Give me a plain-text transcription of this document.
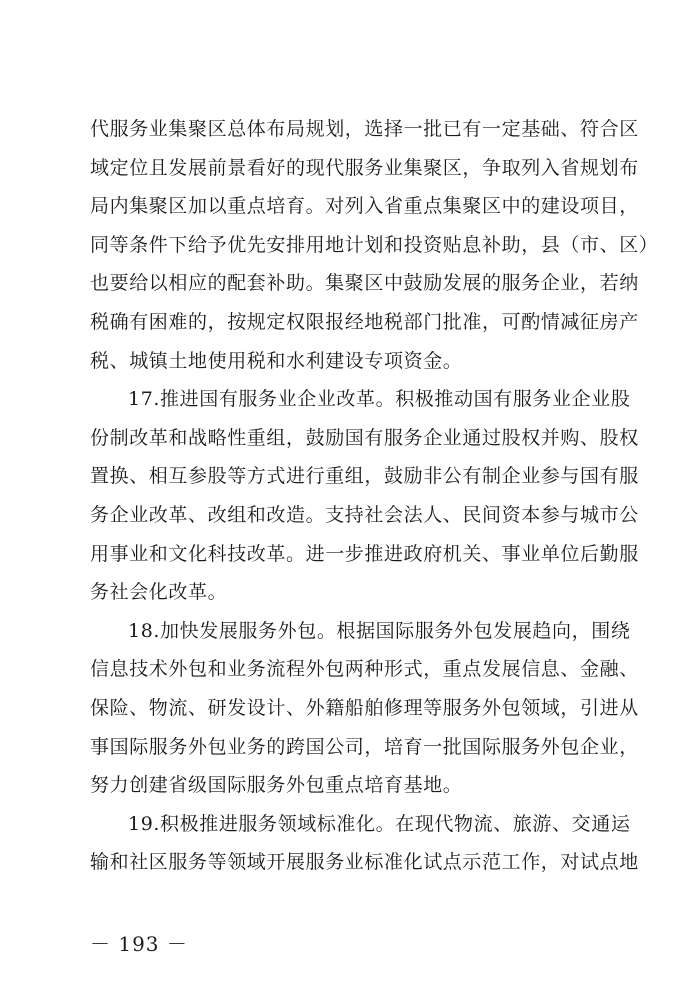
代服务业集聚区总体布局规划，选择一批已有一定基础、符合区
域定位且发展前景看好的现代服务业集聚区，争取列入省规划布
局内集聚区加以重点培育。对列入省重点集聚区中的建设项目，
同等条件下给予优先安排用地计划和投资贴息补助，县（市、区）
也要给以相应的配套补助。集聚区中鼓励发展的服务企业，若纳
税确有困难的，按规定权限报经地税部门批准，可酌情减征房产
税、城镇土地使用税和水利建设专项资金。
17.推进国有服务业企业改革。积极推动国有服务业企业股
份制改革和战略性重组，鼓励国有服务企业通过股权并购、股权
置换、相互参股等方式进行重组，鼓励非公有制企业参与国有服
务企业改革、改组和改造。支持社会法人、民间资本参与城市公
用事业和文化科技改革。进一步推进政府机关、事业单位后勤服
务社会化改革。
18.加快发展服务外包。根据国际服务外包发展趋向，围绕
信息技术外包和业务流程外包两种形式，重点发展信息、金融、
保险、物流、研发设计、外籍船舶修理等服务外包领域，引进从
事国际服务外包业务的跨国公司，培育一批国际服务外包企业，
努力创建省级国际服务外包重点培育基地。
19.积极推进服务领域标准化。在现代物流、旅游、交通运
输和社区服务等领域开展服务业标准化试点示范工作，对试点地
－ 193 －
